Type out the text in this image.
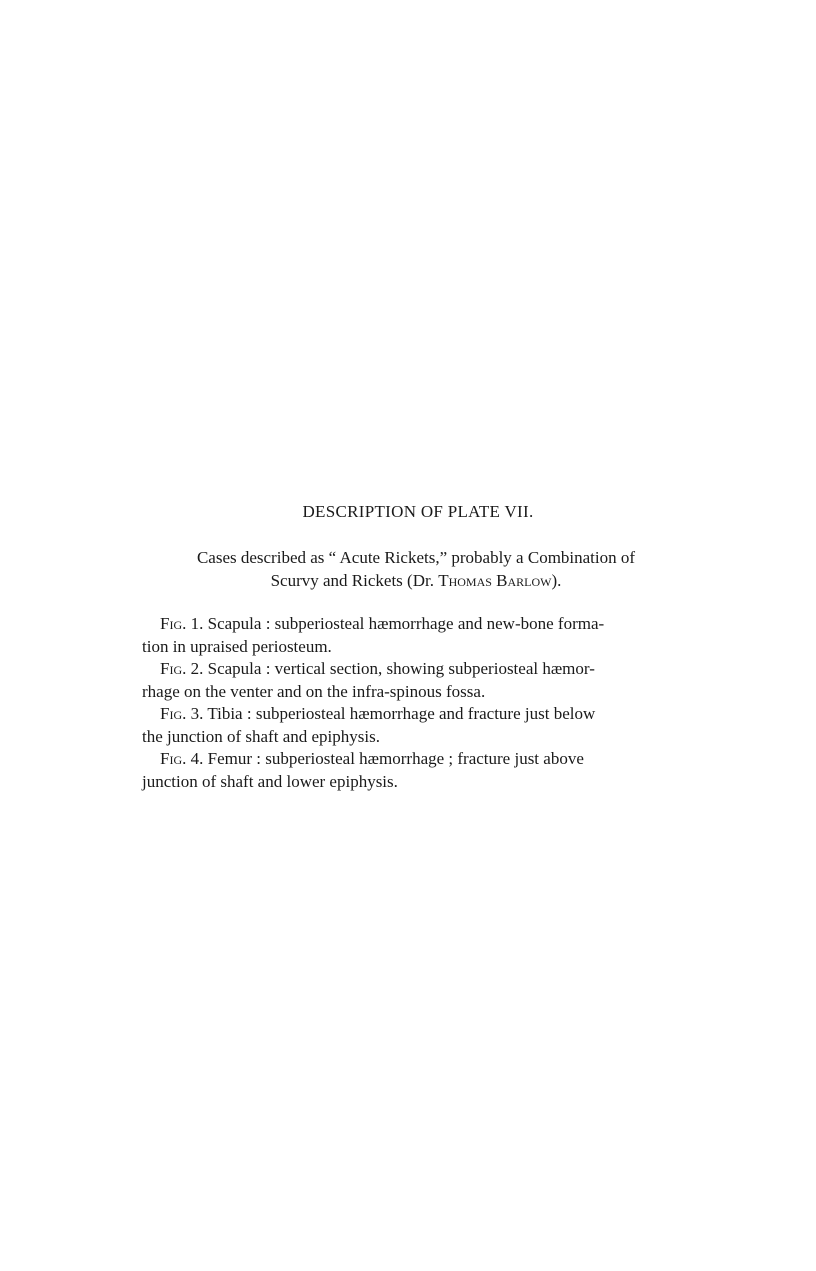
DESCRIPTION OF PLATE VII.
Cases described as “ Acute Rickets,” probably a Combination of
Scurvy and Rickets (Dr. Thomas Barlow).

Fig. 1. Scapula : subperiosteal hæmorrhage and new-bone forma-
tion in upraised periosteum.

Fig. 2. Scapula : vertical section, showing subperiosteal hæmor-
rhage on the venter and on the infra-spinous fossa.

Fig. 3. Tibia : subperiosteal hæmorrhage and fracture just below
the junction of shaft and epiphysis.

Fig. 4. Femur : subperiosteal hæmorrhage ; fracture just above
junction of shaft and lower epiphysis.
